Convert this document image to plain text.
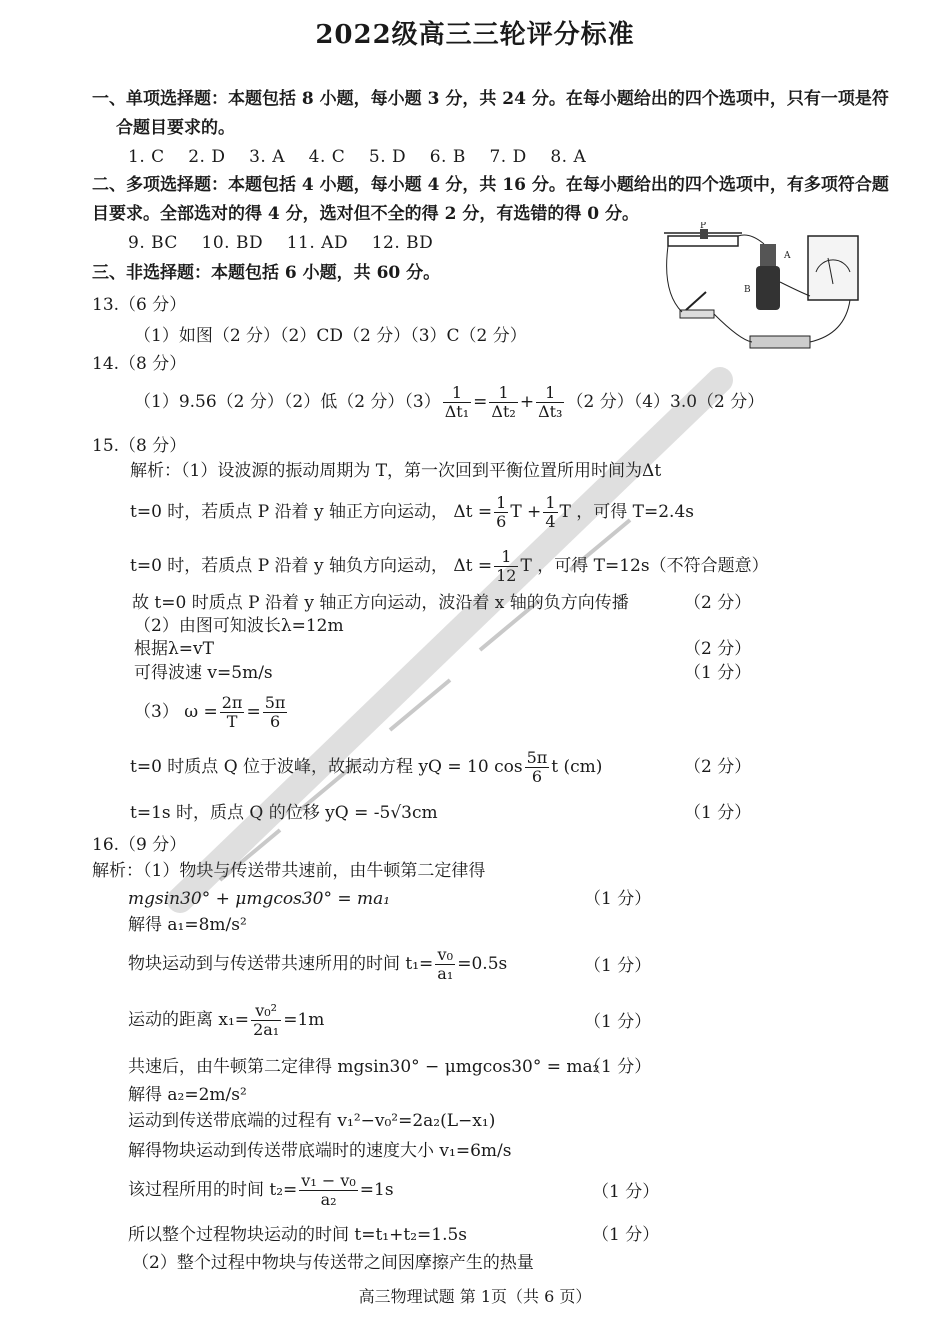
2022级高三三轮评分标准
一、单项选择题：本题包括 8 小题，每小题 3 分，共 24 分。在每小题给出的四个选项中，只有一项是符
合题目要求的。
1. C    2. D    3. A    4. C    5. D    6. B    7. D    8. A
二、多项选择题：本题包括 4 小题，每小题 4 分，共 16 分。在每小题给出的四个选项中，有多项符合题
目要求。全部选对的得 4 分，选对但不全的得 2 分，有选错的得 0 分。
9. BC    10. BD    11. AD    12. BD
三、非选择题：本题包括 6 小题，共 60 分。
P
A
B
13.（6 分）
（1）如图（2 分）（2）CD（2 分）（3）C（2 分）
14.（8 分）
（1）9.56（2 分）（2）低（2 分）$(3) \frac{1}{\text{Δt₁}} = \frac{1}{\text{Δt₂}} + \frac{1}{\text{Δt₃}} (2$ 分）（4）3.0（2 分）
15.（8 分）
解析：（1）设波源的振动周期为 T，第一次回到平衡位置所用时间为Δt
t=0 时，若质点 P 沿着 y 轴正方向运动， $\Delta t = \frac{1}{6}$ $T + \frac{1}{4}$ T ，可得 T=2.4s
t=0 时，若质点 P 沿着 y 轴负方向运动， $\Delta t = \frac{1}{12}$ T ，可得 T=12s（不符合题意）
故 t=0 时质点 P 沿着 y 轴正方向运动，波沿着 x 轴的负方向传播	（2 分）
（2）由图可知波长λ=12m
根据λ=vT	（2 分）
可得波速 v=5m/s	（1 分）
（3） $\omega = \frac{2\pi}{T} = \frac{5\pi}{6}$
t=0 时质点 Q 位于波峰，故振动方程 yQ = 10 $\cos \frac{5\pi}{6}$ t (cm)	（2 分）
t=1s 时，质点 Q 的位移 yQ = -5√3cm	（1 分）
16.（9 分）
解析：（1）物块与传送带共速前，由牛顿第二定律得
mgsin30° + μmgcos30° = ma₁	（1 分）
解得 a₁=8m/s²
物块运动到与传送带共速所用的时间 $t_1= \frac{\text{v₀}}{\text{a₁}} =0.5s$	（1 分）
运动的距离 $x_1= \frac{\text{v₀²}}{\text{2a₁}} =1m$	（1 分）
共速后，由牛顿第二定律得 mgsin30° − μmgcos30° = ma₂
（1 分）
解得 a₂=2m/s²
运动到传送带底端的过程有 v₁²−v₀²=2a₂(L−x₁)
解得物块运动到传送带底端时的速度大小 v₁=6m/s
该过程所用的时间 $t_2= \frac{\text{v₁ − v₀}}{\text{a₂}} =1s$	（1 分）
所以整个过程物块运动的时间 t=t₁+t₂=1.5s	（1 分）
（2）整个过程中物块与传送带之间因摩擦产生的热量
高三物理试题 第 1页（共 6 页）
